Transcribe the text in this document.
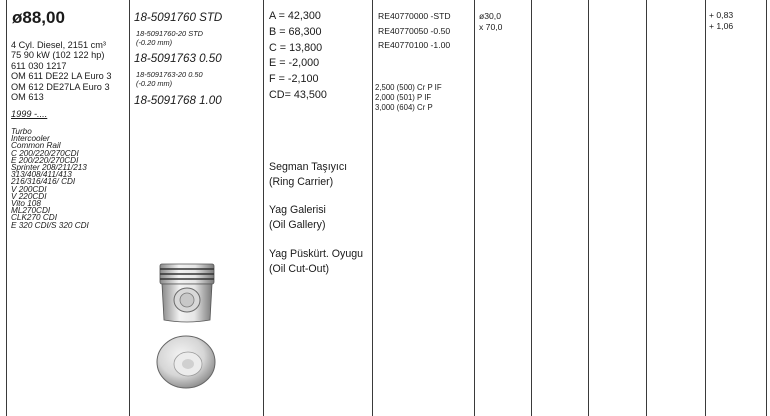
ø88,00
4 Cyl. Diesel, 2151 cm³
75 90 kW (102 122 hp)
611 030 1217
OM 611 DE22 LA Euro 3
OM 612 DE27LA Euro 3
OM 613
1999 -....
Turbo
Intercooler
Common Rail
C 200/220/270CDI
E 200/220/270CDI
Sprinter 208/211/213
313/408/411/413
216/316/416/ CDI
V 200CDI
V 220CDI
Vito 108
ML270CDI
CLK270 CDI
E 320 CDI/S 320 CDI
18-5091760 STD
18-5091760-20 STD
(-0.20 mm)
18-5091763 0.50
18-5091763-20 0.50
(-0.20 mm)
18-5091768 1.00
A = 42,300
B = 68,300
C = 13,800
E = -2,000
F = -2,100
CD= 43,500
Segman Taşıyıcı
(Ring Carrier)
Yag Galerisi
(Oil Gallery)
Yag Püskürt. Oyugu
(Oil Cut-Out)
RE40770000 -STD
RE40770050 -0.50
RE40770100 -1.00
2,500 (500) Cr P IF
2,000 (501) P IF
3,000 (604) Cr P
ø30,0
x 70,0
+ 0,83
+ 1,06
